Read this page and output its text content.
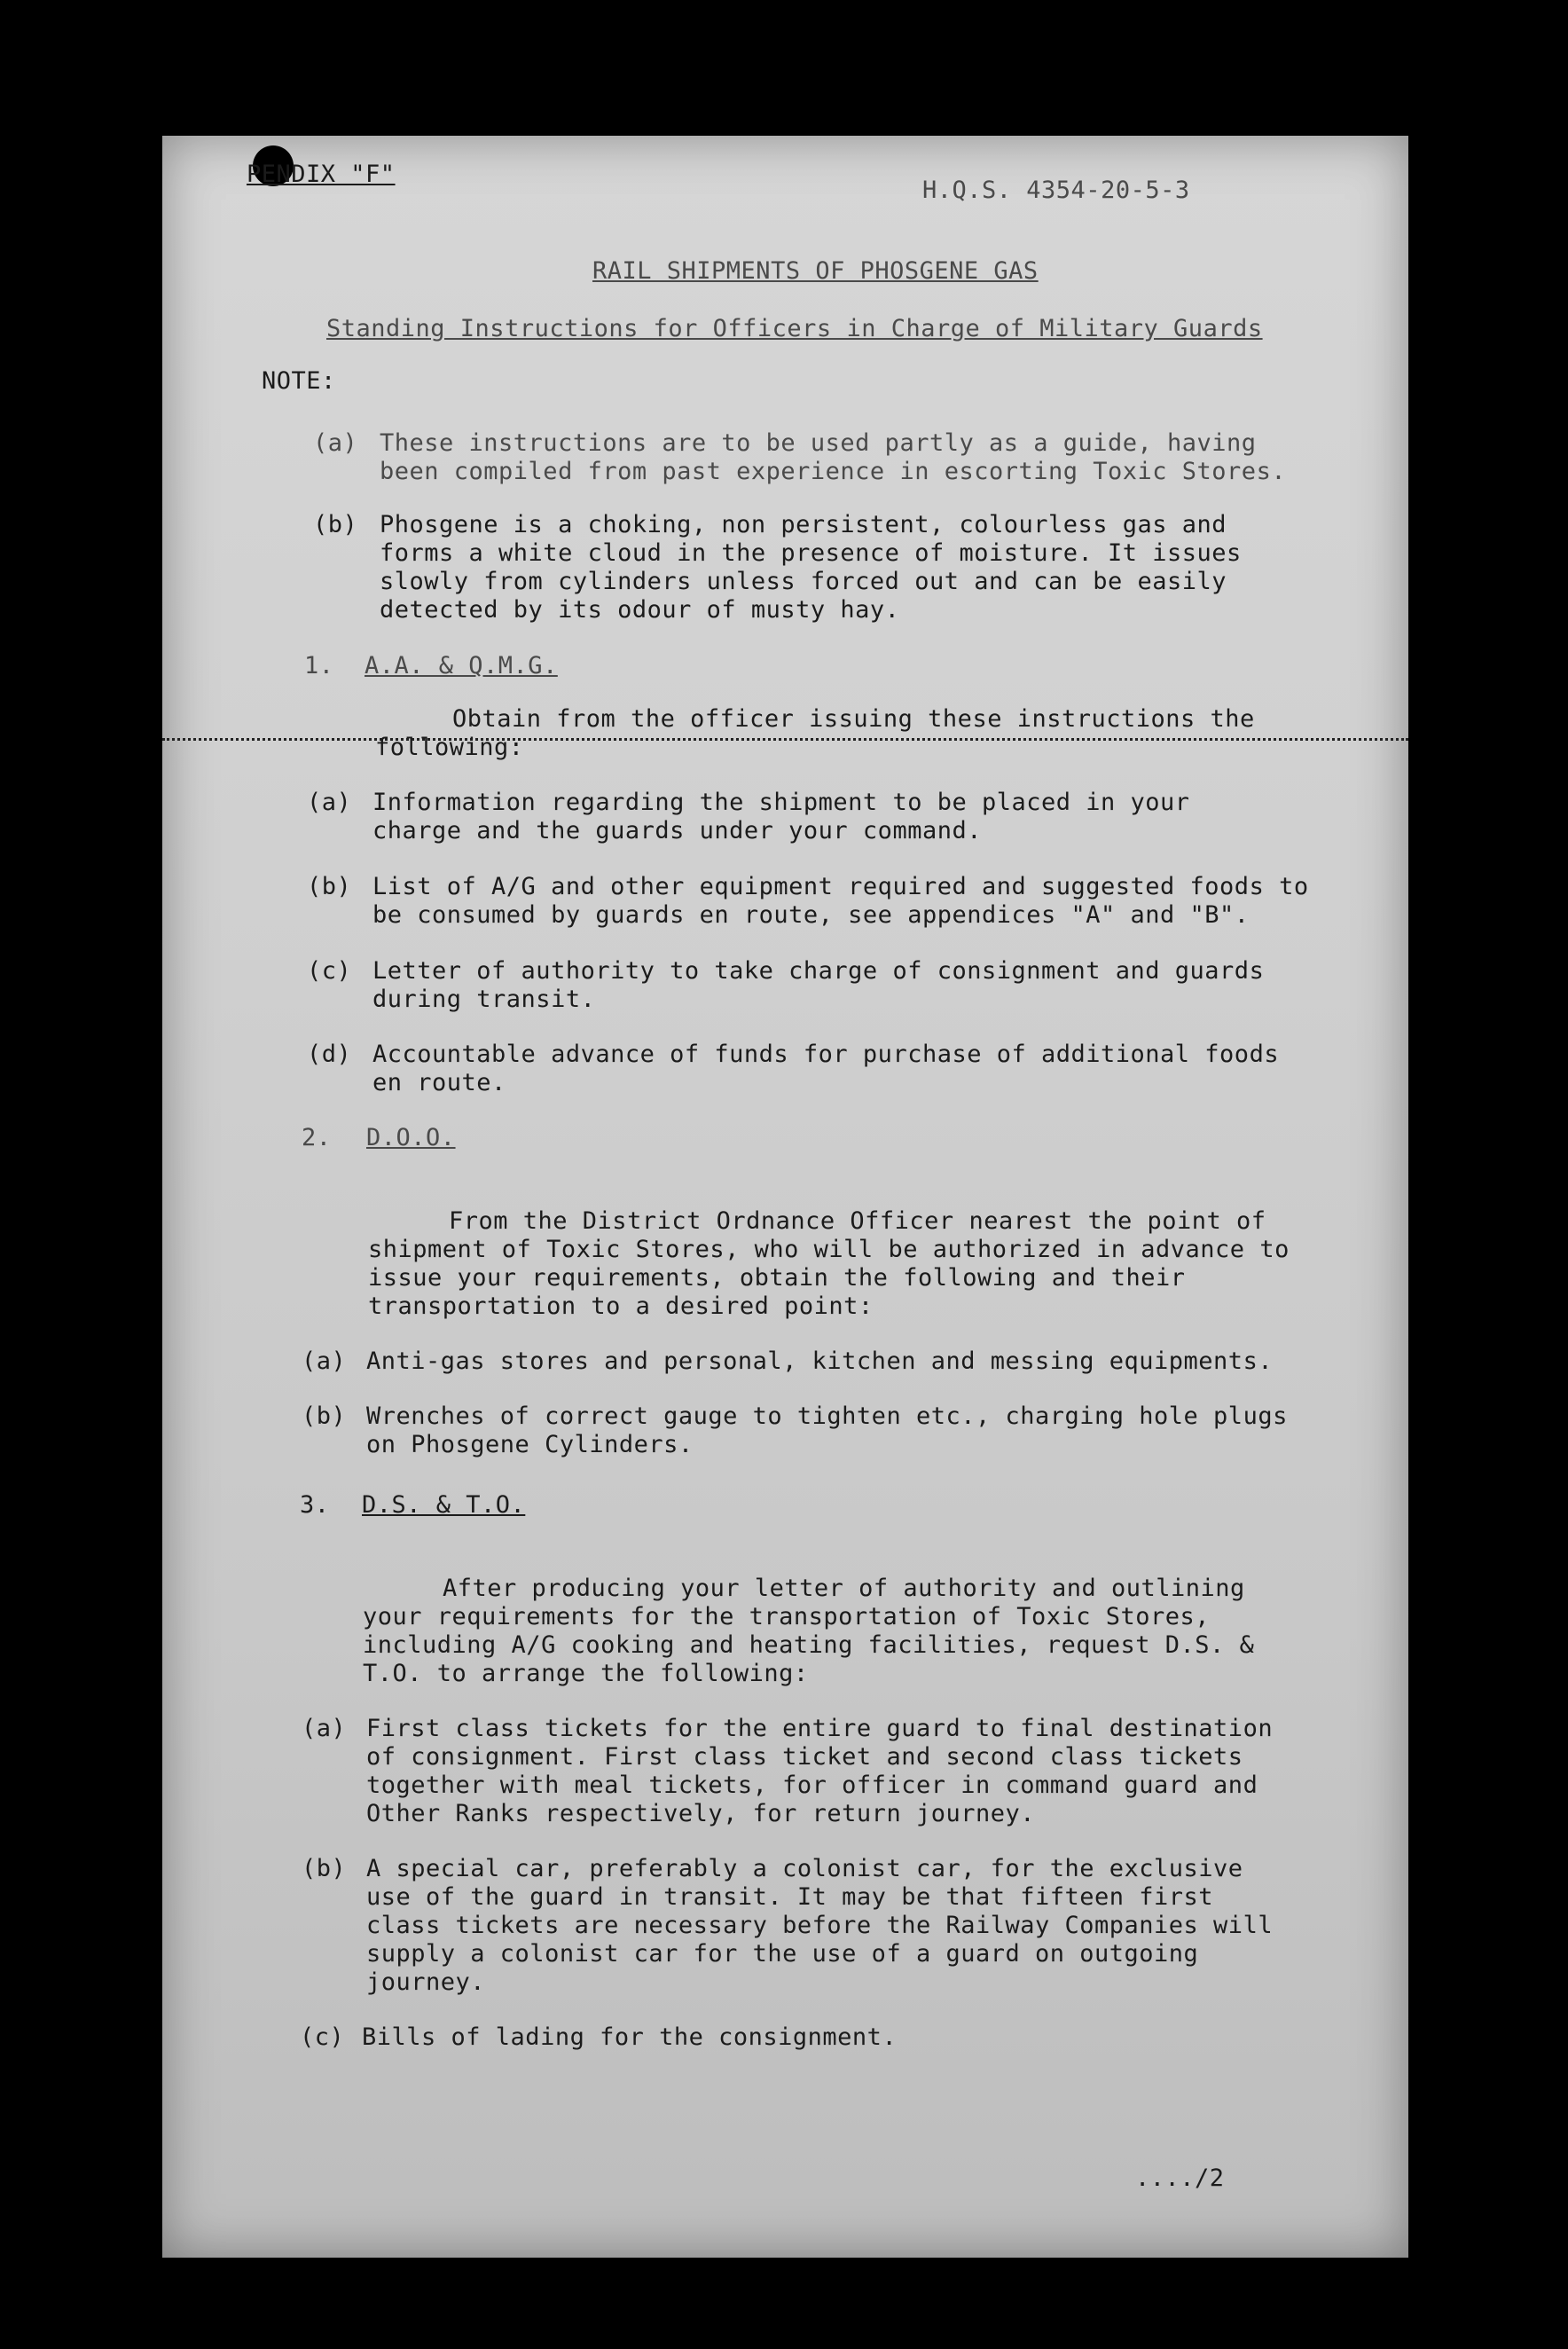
PENDIX "F"
H.Q.S. 4354-20-5-3
RAIL SHIPMENTS OF PHOSGENE GAS
Standing Instructions for Officers in Charge of Military Guards
NOTE:
(a) These instructions are to be used partly as a guide, having
been compiled from past experience in escorting Toxic Stores.
(b) Phosgene is a choking, non persistent, colourless gas and
forms a white cloud in the presence of moisture. It issues
slowly from cylinders unless forced out and can be easily
detected by its odour of musty hay.
1. A.A. & Q.M.G.
Obtain from the officer issuing these instructions the
following:
(a) Information regarding the shipment to be placed in your
charge and the guards under your command.
(b) List of A/G and other equipment required and suggested foods to
be consumed by guards en route, see appendices "A" and "B".
(c) Letter of authority to take charge of consignment and guards
during transit.
(d) Accountable advance of funds for purchase of additional foods
en route.
2. D.O.O.
From the District Ordnance Officer nearest the point of
shipment of Toxic Stores, who will be authorized in advance to
issue your requirements, obtain the following and their
transportation to a desired point:
(a) Anti-gas stores and personal, kitchen and messing equipments.
(b) Wrenches of correct gauge to tighten etc., charging hole plugs
on Phosgene Cylinders.
3. D.S. & T.O.
After producing your letter of authority and outlining
your requirements for the transportation of Toxic Stores,
including A/G cooking and heating facilities, request D.S. &
T.O. to arrange the following:
(a) First class tickets for the entire guard to final destination
of consignment. First class ticket and second class tickets
together with meal tickets, for officer in command guard and
Other Ranks respectively, for return journey.
(b) A special car, preferably a colonist car, for the exclusive
use of the guard in transit. It may be that fifteen first
class tickets are necessary before the Railway Companies will
supply a colonist car for the use of a guard on outgoing
journey.
(c) Bills of lading for the consignment.
..../2
